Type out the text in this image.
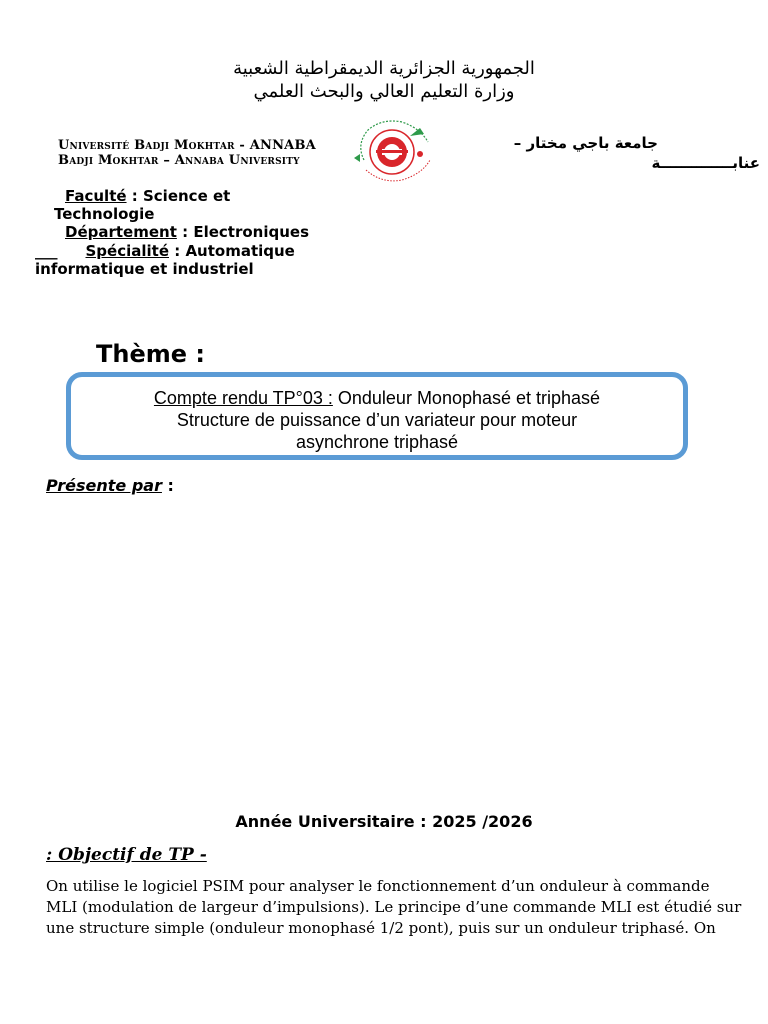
الجمهورية الجزائرية الديمقراطية الشعبية
وزارة التعليم العالي والبحث العلمي
Université Badji Mokhtar - ANNABA
Badji Mokhtar – Annaba University
جامعة باجي مختار –
عنابــــــــــــــة
Faculté : Science et
Technologie
Département : Electroniques
___ Spécialité : Automatique
informatique et industriel
Thème :
Compte rendu TP°03 : Onduleur Monophasé et triphasé
Structure de puissance d’un variateur pour moteur
asynchrone triphasé
Présente par :
Année Universitaire : 2025 /2026
: Objectif de TP -
On utilise le logiciel PSIM pour analyser le fonctionnement d’un onduleur à commande
MLI (modulation de largeur d’impulsions). Le principe d’une commande MLI est étudié sur
une structure simple (onduleur monophasé 1/2 pont), puis sur un onduleur triphasé. On
